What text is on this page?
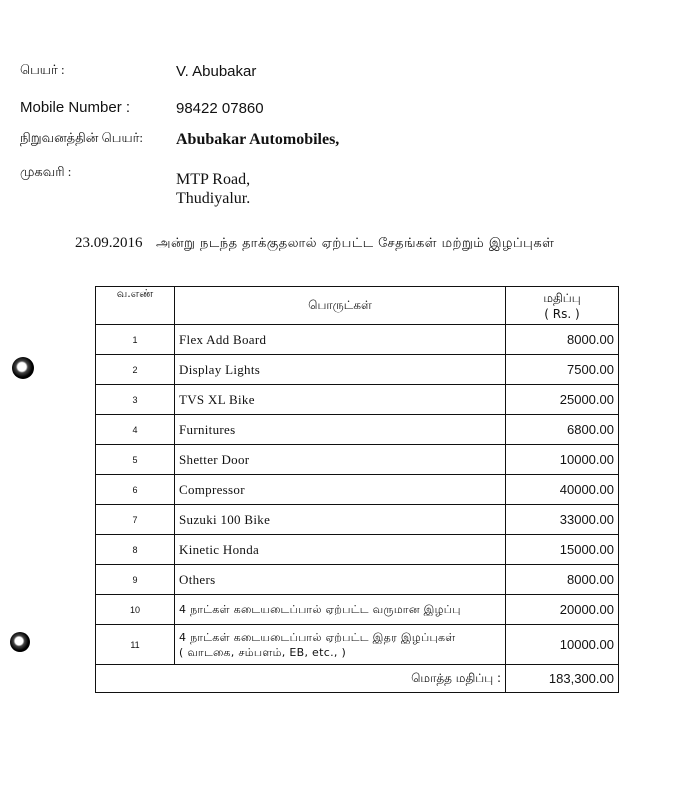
பெயர் :	V. Abubakar
Mobile Number :	98422 07860
நிறுவனத்தின் பெயர்: Abubakar Automobiles,
முகவரி :	MTP Road,
Thudiyalur.
23.09.2016 அன்று நடந்த தாக்குதலால் ஏற்பட்ட சேதங்கள் மற்றும் இழப்புகள்
வ.எண்	பொருட்கள்	மதிப்பு
( Rs. )

1	Flex Add Board	8000.00
2	Display Lights	7500.00
3	TVS XL Bike	25000.00
4	Furnitures	6800.00
5	Shetter Door	10000.00
6	Compressor	40000.00
7	Suzuki 100 Bike	33000.00
8	Kinetic Honda	15000.00
9	Others	8000.00
10	4 நாட்கள் கடையடைப்பால் ஏற்பட்ட வருமான இழப்பு	20000.00
11	4 நாட்கள் கடையடைப்பால் ஏற்பட்ட இதர இழப்புகள்
( வாடகை, சம்பளம், EB, etc., )	10000.00
மொத்த மதிப்பு :		183,300.00
